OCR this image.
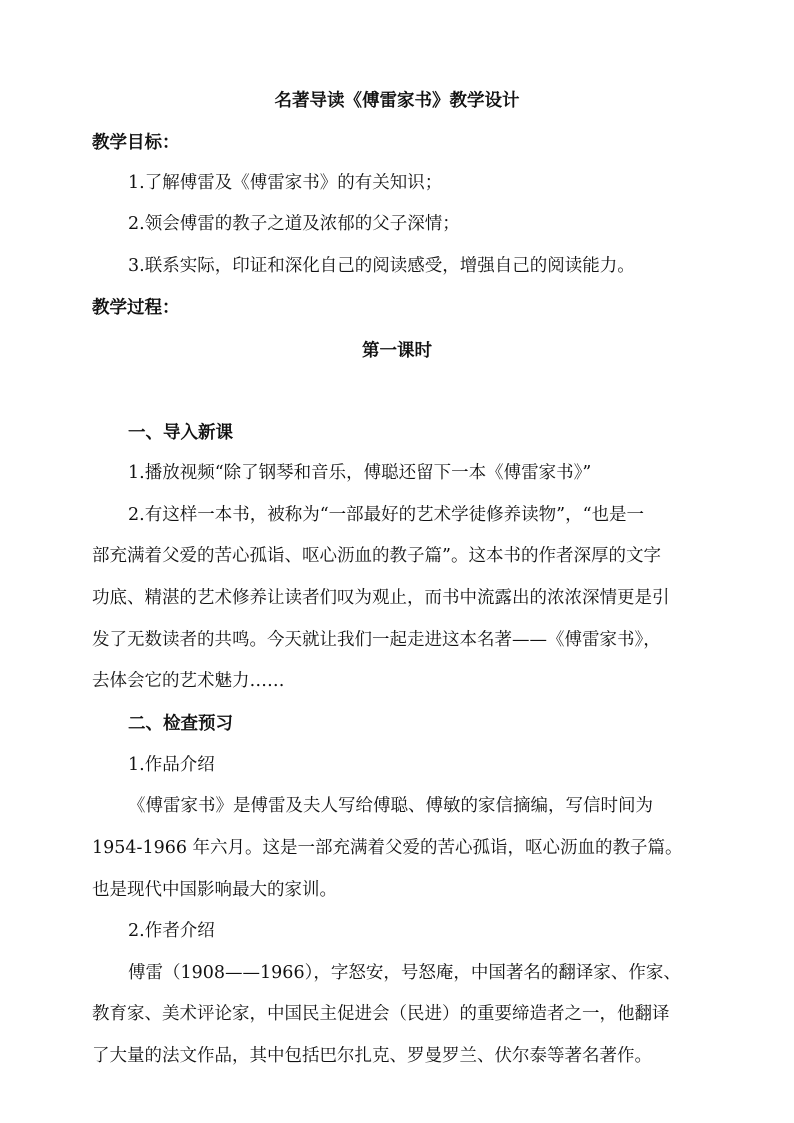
名著导读《傅雷家书》教学设计
教学目标：
1.了解傅雷及《傅雷家书》的有关知识；
2.领会傅雷的教子之道及浓郁的父子深情；
3.联系实际，印证和深化自己的阅读感受，增强自己的阅读能力。
教学过程：
第一课时
一、导入新课
1.播放视频“除了钢琴和音乐，傅聪还留下一本《傅雷家书》”
2.有这样一本书，被称为“一部最好的艺术学徒修养读物”，“也是一
部充满着父爱的苦心孤诣、呕心沥血的教子篇”。这本书的作者深厚的文字
功底、精湛的艺术修养让读者们叹为观止，而书中流露出的浓浓深情更是引
发了无数读者的共鸣。今天就让我们一起走进这本名著——《傅雷家书》，
去体会它的艺术魅力……
二、检查预习
1.作品介绍
《傅雷家书》是傅雷及夫人写给傅聪、傅敏的家信摘编，写信时间为
1954-1966 年六月。这是一部充满着父爱的苦心孤诣，呕心沥血的教子篇。
也是现代中国影响最大的家训。
2.作者介绍
傅雷（1908——1966），字怒安，号怒庵，中国著名的翻译家、作家、
教育家、美术评论家，中国民主促进会（民进）的重要缔造者之一，他翻译
了大量的法文作品，其中包括巴尔扎克、罗曼罗兰、伏尔泰等著名著作。
